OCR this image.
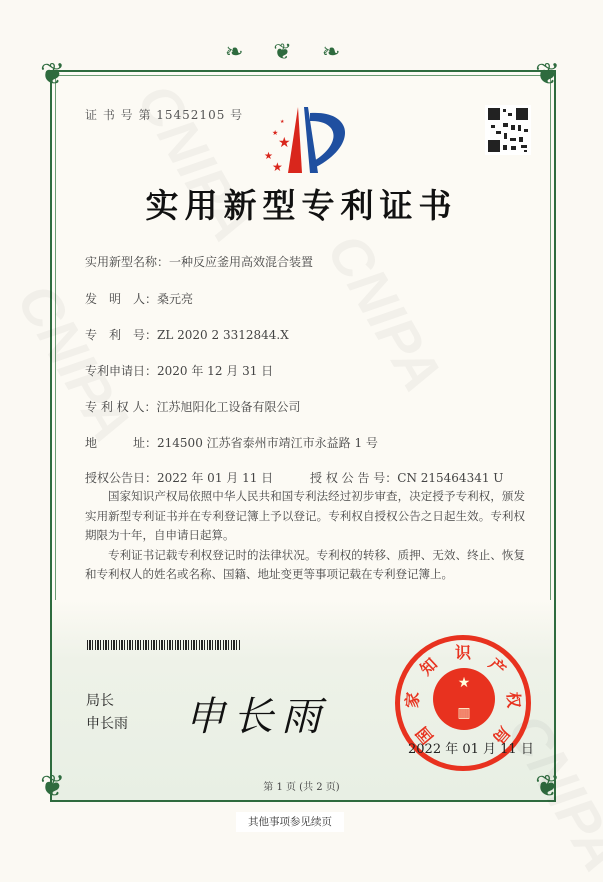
❦	❦
❦	❦
❧❦❧
证 书 号 第 15452105 号
★
★
★
★
★
实用新型专利证书
实用新型名称：一种反应釜用高效混合装置
发　明　人：桑元亮
专　利　号：ZL 2020 2 3312844.X
专利申请日：2020 年 12 月 31 日
专 利 权 人：江苏旭阳化工设备有限公司
地　　　址：214500 江苏省泰州市靖江市永益路 1 号
授权公告日：2022 年 01 月 11 日	授 权 公 告 号：CN 215464341 U

国家知识产权局依照中华人民共和国专利法经过初步审查，决定授予专利权，颁发实用新型专利证书并在专利登记簿上予以登记。专利权自授权公告之日起生效。专利权期限为十年，自申请日起算。

专利证书记载专利权登记时的法律状况。专利权的转移、质押、无效、终止、恢复和专利权人的姓名或名称、国籍、地址变更等事项记载在专利登记簿上。

局长
申长雨 申长雨
★
▥
国
家
知
识
产
权
局
2022 年 01 月 11 日
第 1 页 (共 2 页)
其他事项参见续页
